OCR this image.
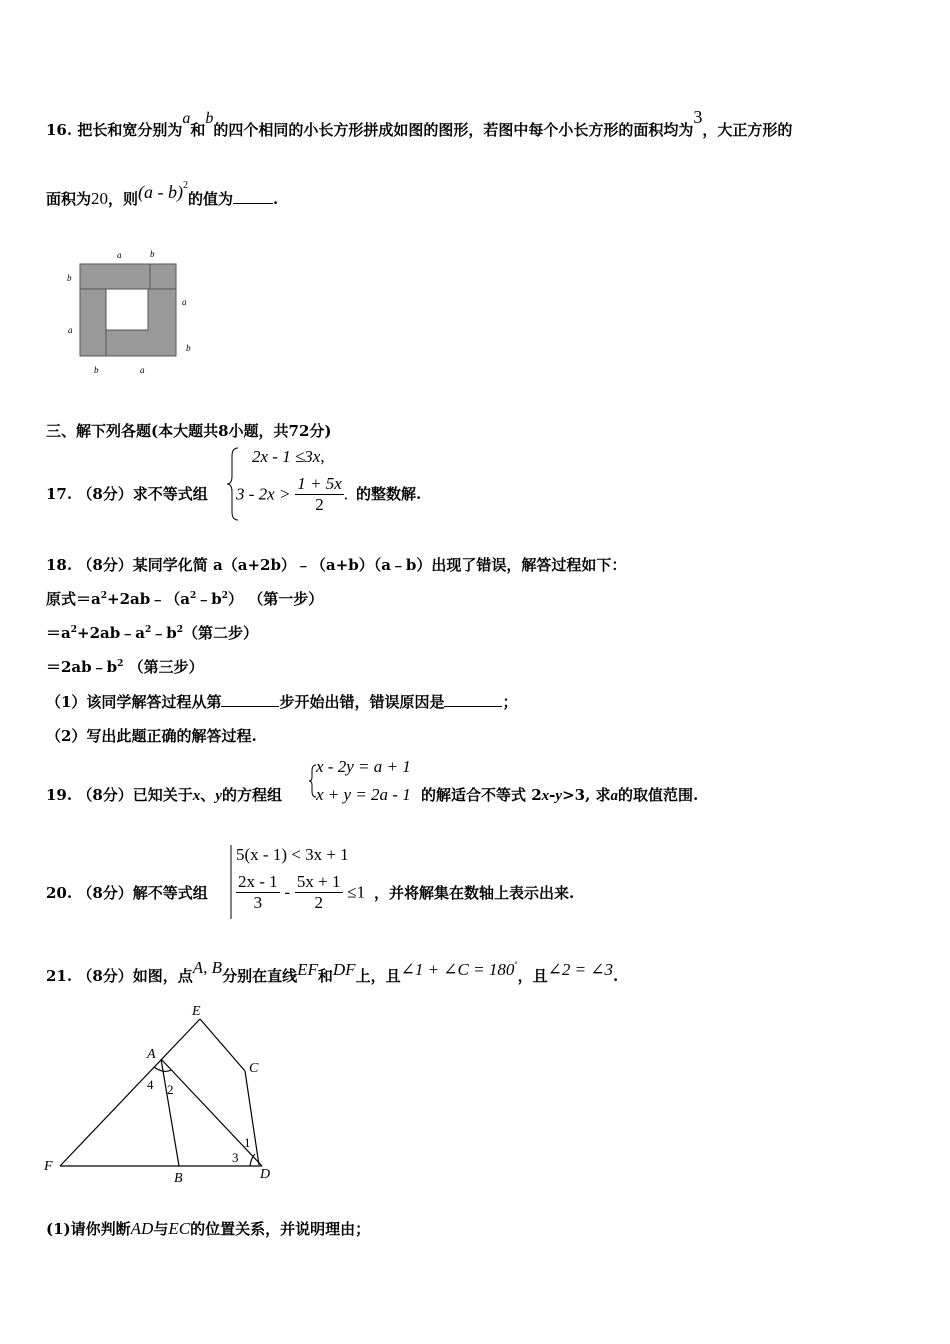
16. 把长和宽分别为$^a$和$^b$的四个相同的小长方形拼成如图的图形，若图中每个小长方形的面积均为$^3$，大正方形的
面积为20，则(a - b)$^2$的值为	.
a	b
b
a
a
b
b	a
三、解下列各题(本大题共8小题，共72分)
17. （8分）求不等式组
2x - 1 ≤3x,
$3 - 2x > \frac{1 + 5x}{2}$ . 的整数解.
18. （8分）某同学化简 a（a+2b）﹣（a+b）（a﹣b）出现了错误，解答过程如下：
原式$=a^2+2ab﹣(a^2﹣b^2)$ （第一步）
$=a^2+2ab﹣a^2﹣b^2$（第二步）
$=2ab﹣b^2$ （第三步）
（1）该同学解答过程从第	步开始出错，错误原因是	；
（2）写出此题正确的解答过程.
19. （8分）已知关于x、y的方程组
x - 2y = a + 1
x + y = 2a - 1 的解适合不等式 2x-y>3, 求a的取值范围.
20. （8分）解不等式组
5(x - 1) < 3x + 1
$\frac{2x - 1}{3} - \frac{5x + 1}{2} \le 1$ ，并将解集在数轴上表示出来.
21. （8分）如图，点A, B分别在直线EF和DF上，且∠1 + ∠C = 180°，且∠2 = ∠3.
E
A
C
F
B	D
4 2
1
3
(1)请你判断AD与EC的位置关系，并说明理由；
